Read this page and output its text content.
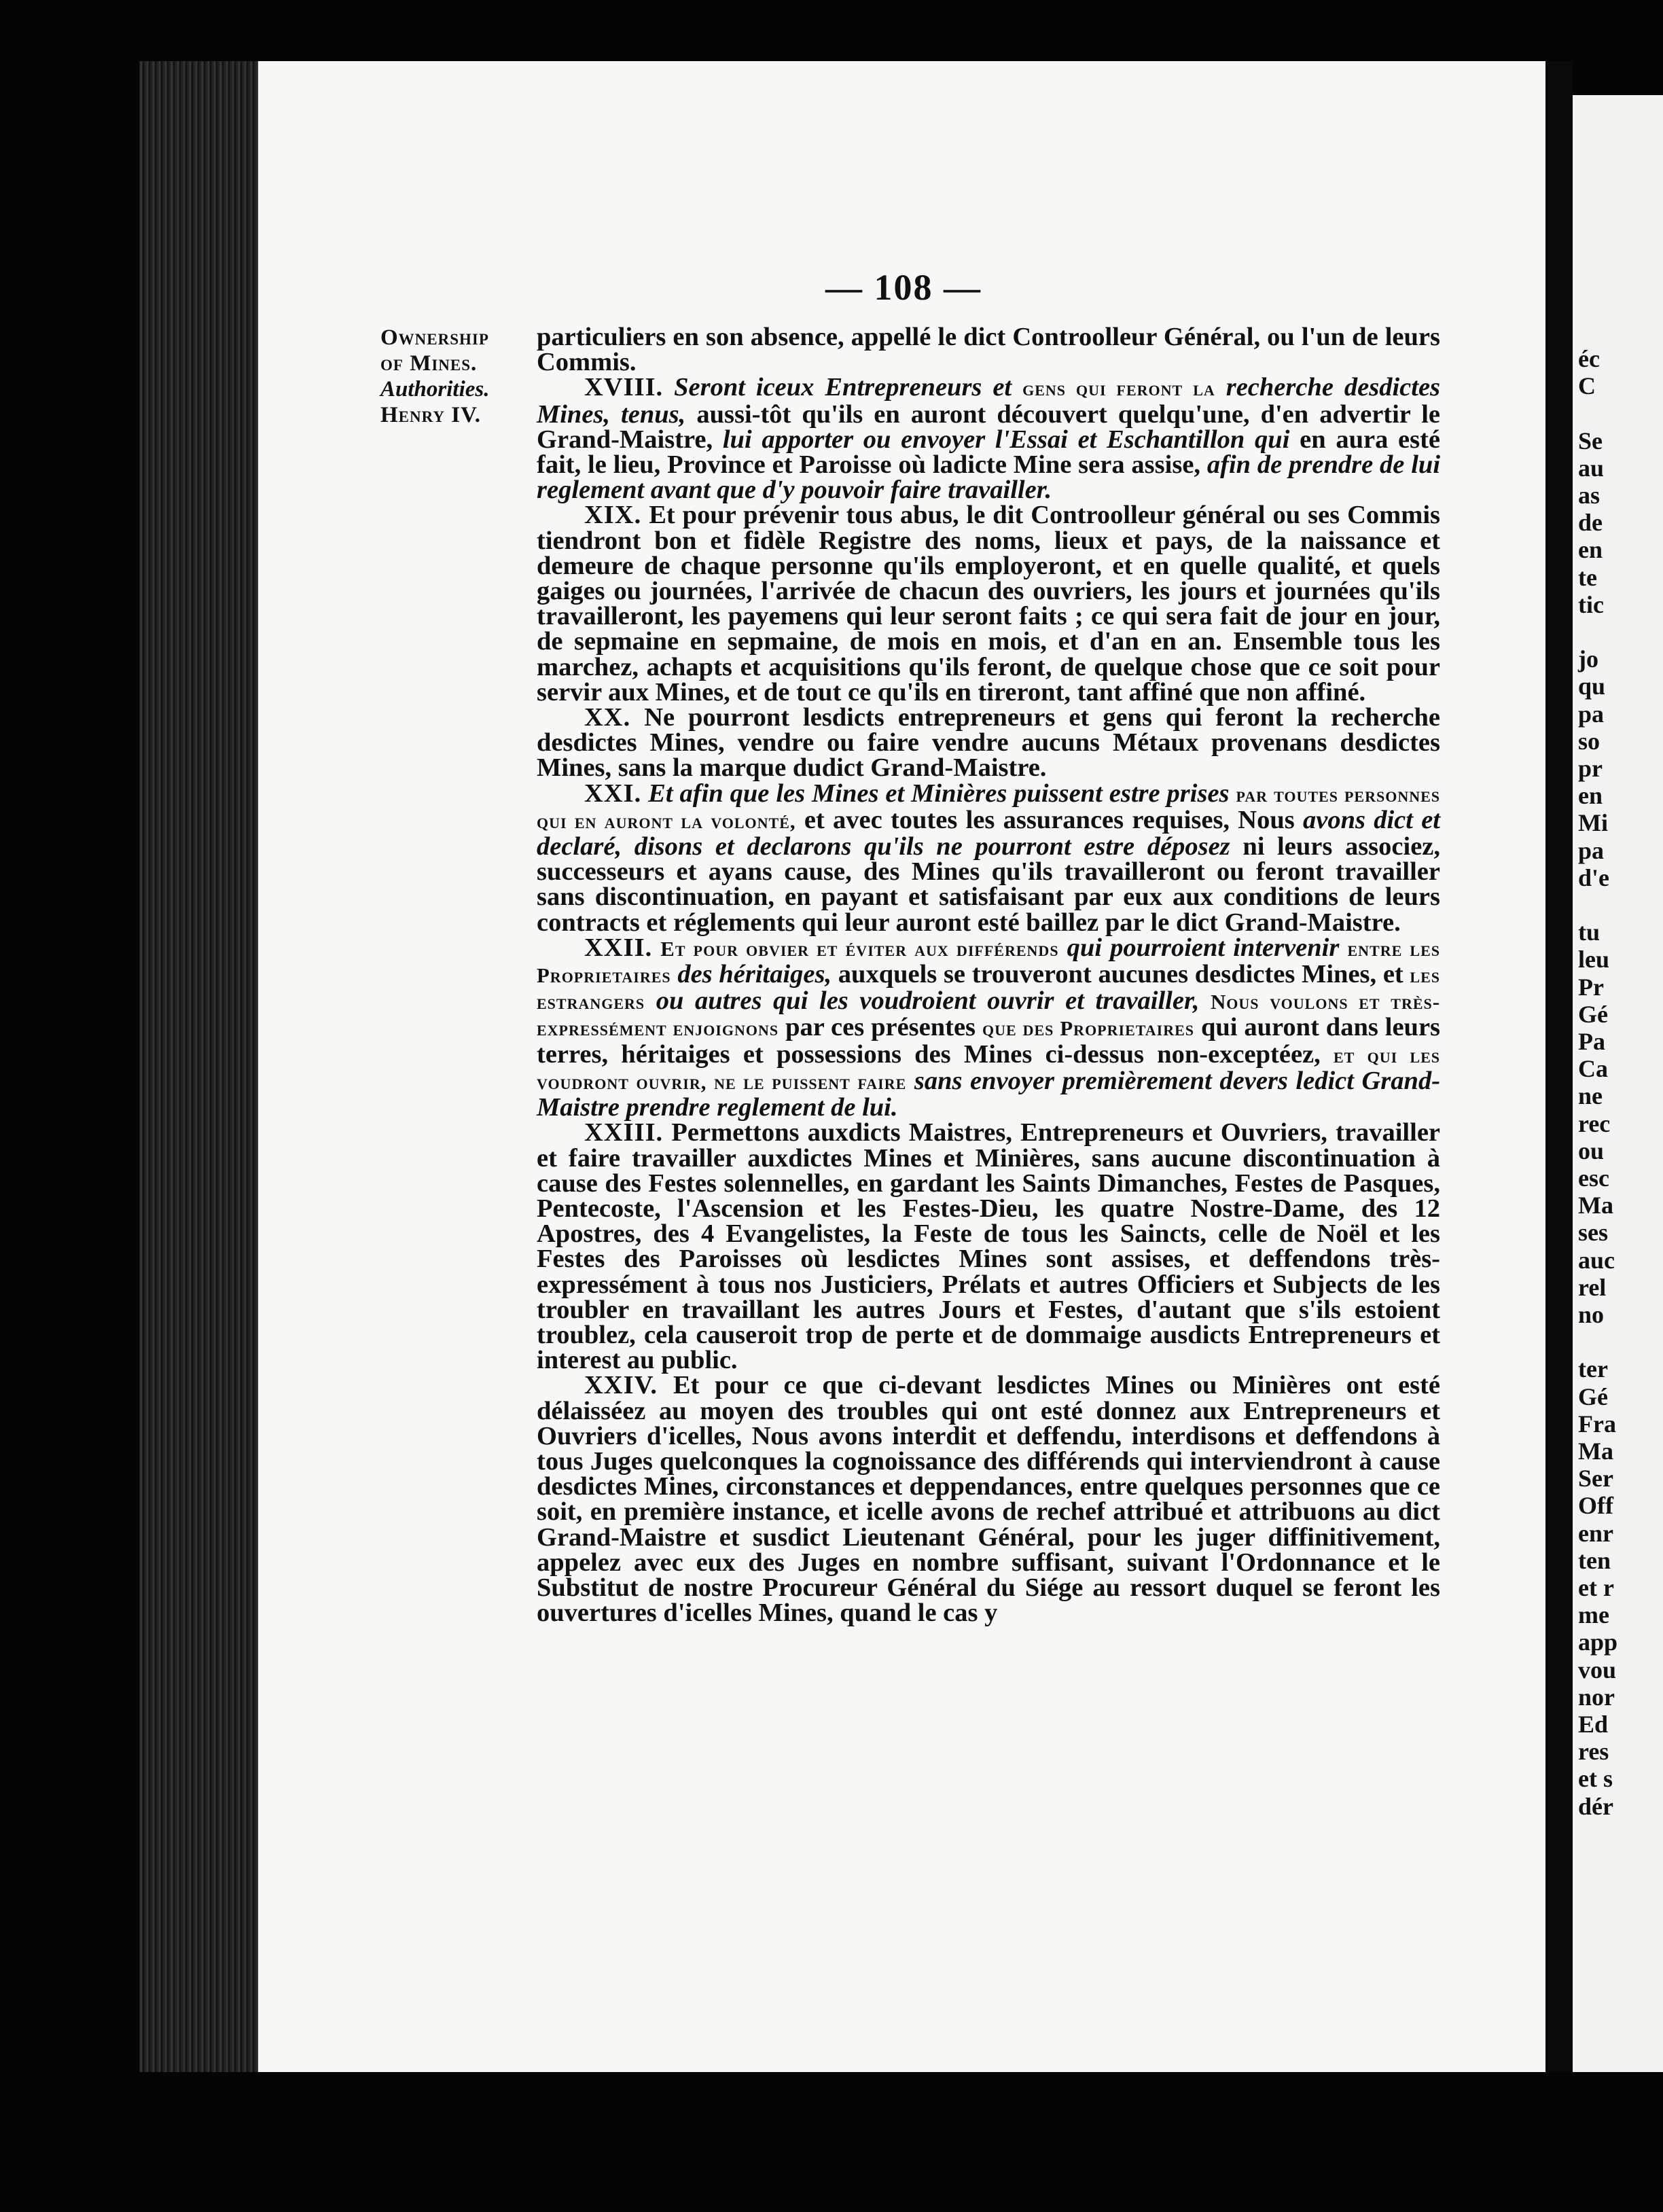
éc
C
Se
au
as
de
en
te
tic
jo
qu
pa
so
pr
en
Mi
pa
d'e
tu
leu
Pr
Gé
Pa
Ca
ne
rec
ou
esc
Ma
ses
auc
rel
no
ter
Gé
Fra
Ma
Ser
Off
enr
ten
et r
me
app
vou
nor
Ed
res
et s
dér
— 108 —
Ownership
of Mines.
Authorities.
Henry IV.

particuliers en son absence, appellé le dict Controolleur Général, ou l'un de leurs Commis.

XVIII. Seront iceux Entrepreneurs et gens qui feront la recherche desdictes Mines, tenus, aussi-tôt qu'ils en auront découvert quelqu'une, d'en advertir le Grand-Maistre, lui apporter ou envoyer l'Essai et Eschantillon qui en aura esté fait, le lieu, Province et Paroisse où ladicte Mine sera assise, afin de prendre de lui reglement avant que d'y pouvoir faire travailler.

XIX. Et pour prévenir tous abus, le dit Controolleur général ou ses Commis tiendront bon et fidèle Registre des noms, lieux et pays, de la naissance et demeure de chaque personne qu'ils employeront, et en quelle qualité, et quels gaiges ou journées, l'arrivée de chacun des ouvriers, les jours et journées qu'ils travailleront, les payemens qui leur seront faits ; ce qui sera fait de jour en jour, de sepmaine en sepmaine, de mois en mois, et d'an en an. Ensemble tous les marchez, achapts et acquisitions qu'ils feront, de quelque chose que ce soit pour servir aux Mines, et de tout ce qu'ils en tireront, tant affiné que non affiné.

XX. Ne pourront lesdicts entrepreneurs et gens qui feront la recherche desdictes Mines, vendre ou faire vendre aucuns Métaux provenans desdictes Mines, sans la marque dudict Grand-Maistre.

XXI. Et afin que les Mines et Minières puissent estre prises par toutes personnes qui en auront la volonté, et avec toutes les assurances requises, Nous avons dict et declaré, disons et declarons qu'ils ne pourront estre déposez ni leurs associez, successeurs et ayans cause, des Mines qu'ils travailleront ou feront travailler sans discontinuation, en payant et satisfaisant par eux aux conditions de leurs contracts et réglements qui leur auront esté baillez par le dict Grand-Maistre.

XXII. Et pour obvier et éviter aux différends qui pourroient intervenir entre les Proprietaires des héritaiges, auxquels se trouveront aucunes desdictes Mines, et les estrangers ou autres qui les voudroient ouvrir et travailler, Nous voulons et très-expressément enjoignons par ces présentes que des Proprietaires qui auront dans leurs terres, héritaiges et possessions des Mines ci-dessus non-exceptéez, et qui les voudront ouvrir, ne le puissent faire sans envoyer premièrement devers ledict Grand-Maistre prendre reglement de lui.

XXIII. Permettons auxdicts Maistres, Entrepreneurs et Ouvriers, travailler et faire travailler auxdictes Mines et Minières, sans aucune discontinuation à cause des Festes solennelles, en gardant les Saints Dimanches, Festes de Pasques, Pentecoste, l'Ascension et les Festes-Dieu, les quatre Nostre-Dame, des 12 Apostres, des 4 Evangelistes, la Feste de tous les Saincts, celle de Noël et les Festes des Paroisses où lesdictes Mines sont assises, et deffendons très-expressément à tous nos Justiciers, Prélats et autres Officiers et Subjects de les troubler en travaillant les autres Jours et Festes, d'autant que s'ils estoient troublez, cela causeroit trop de perte et de dommaige ausdicts Entrepreneurs et interest au public.

XXIV. Et pour ce que ci-devant lesdictes Mines ou Minières ont esté délaisséez au moyen des troubles qui ont esté donnez aux Entrepreneurs et Ouvriers d'icelles, Nous avons interdit et deffendu, interdisons et deffendons à tous Juges quelconques la cognoissance des différends qui interviendront à cause desdictes Mines, circonstances et deppendances, entre quelques personnes que ce soit, en première instance, et icelle avons de rechef attribué et attribuons au dict Grand-Maistre et susdict Lieutenant Général, pour les juger diffinitivement, appelez avec eux des Juges en nombre suffisant, suivant l'Ordonnance et le Substitut de nostre Procureur Général du Siége au ressort duquel se feront les ouvertures d'icelles Mines, quand le cas y
